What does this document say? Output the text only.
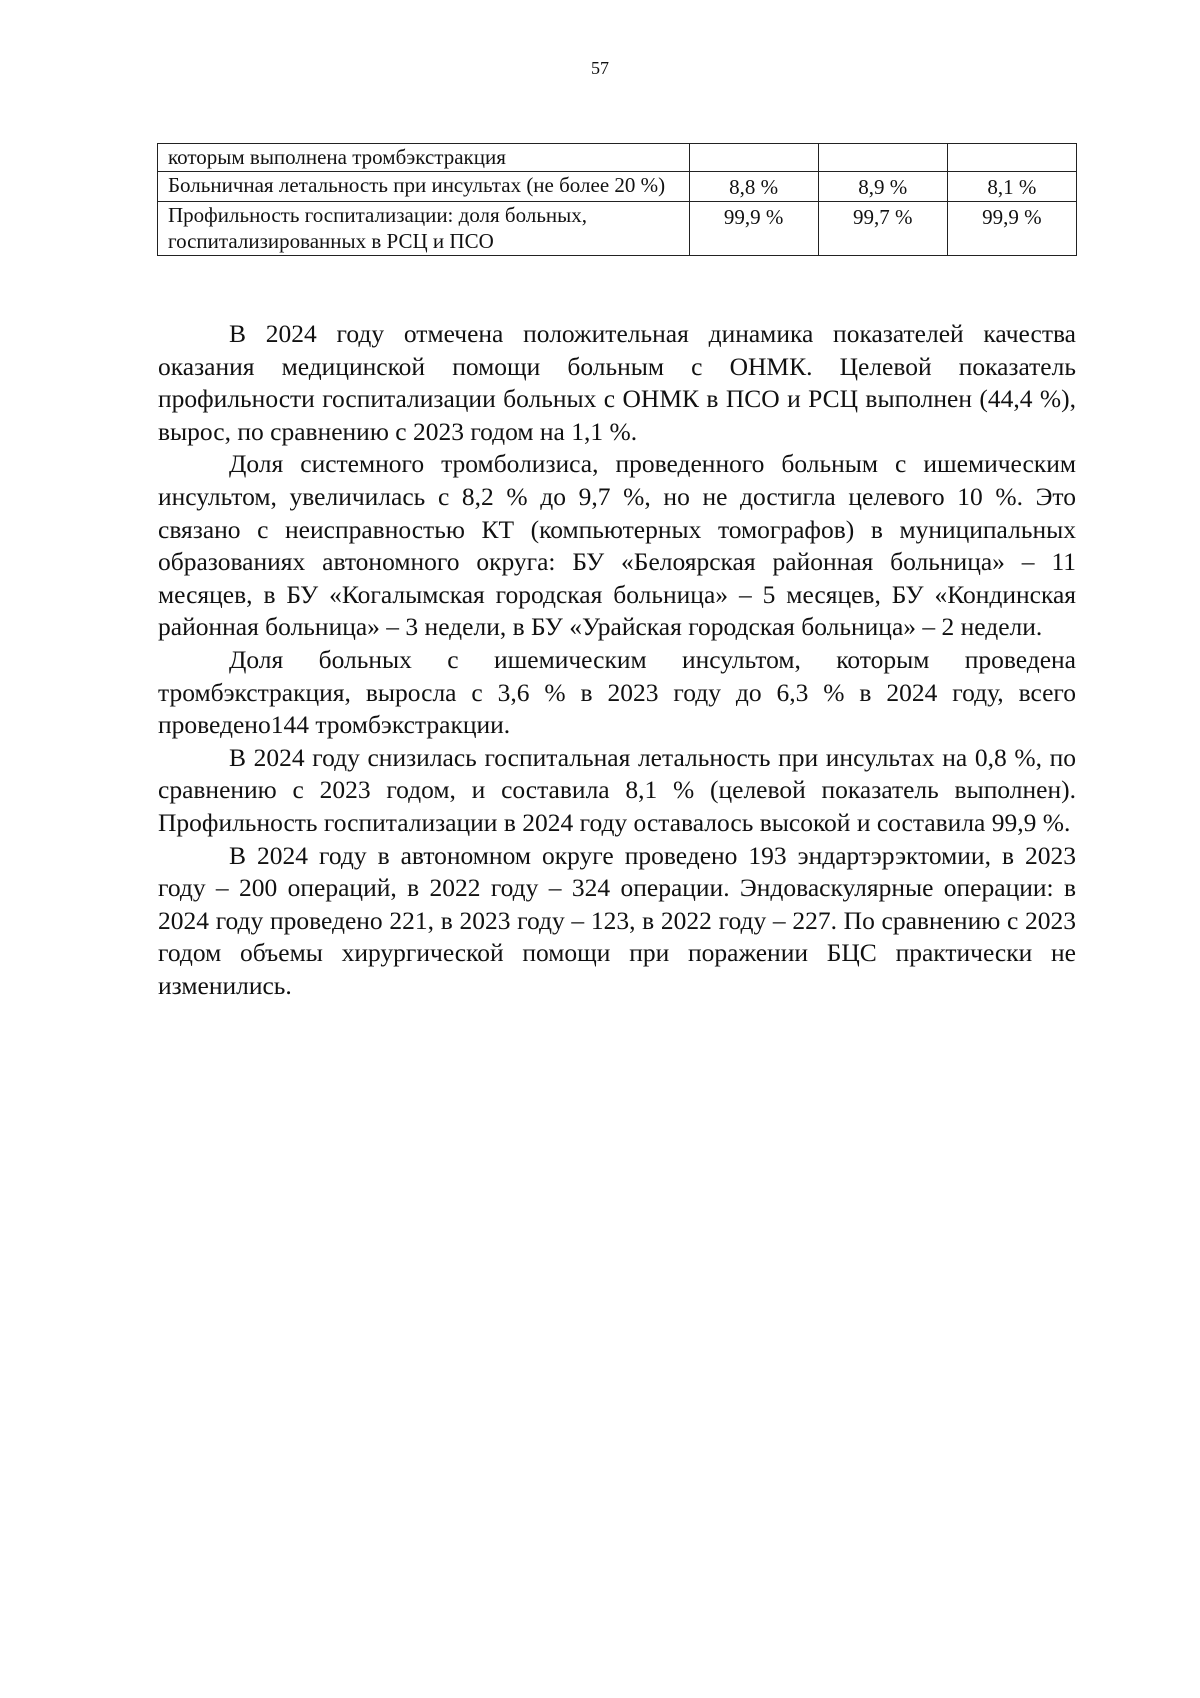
57
которым выполнена тромбэкстракция			
Больничная летальность при инсультах (не более 20 %)	8,8 %	8,9 %	8,1 %
Профильность госпитализации: доля больных, госпитализированных в РСЦ и ПСО	99,9 %	99,7 %	99,9 %

В 2024 году отмечена положительная динамика показателей качества оказания медицинской помощи больным с ОНМК. Целевой показатель профильности госпитализации больных с ОНМК в ПСО и РСЦ выполнен (44,4 %), вырос, по сравнению с 2023 годом на 1,1 %.

Доля системного тромболизиса, проведенного больным с ишемическим инсультом, увеличилась с 8,2 % до 9,7 %, но не достигла целевого 10 %. Это связано с неисправностью КТ (компьютерных томографов) в муниципальных образованиях автономного округа: БУ «Белоярская районная больница» – 11 месяцев, в БУ «Когалымская городская больница» – 5 месяцев, БУ «Кондинская районная больница» – 3 недели, в БУ «Урайская городская больница» – 2 недели.

Доля больных с ишемическим инсультом, которым проведена тромбэкстракция, выросла с 3,6 % в 2023 году до 6,3 % в 2024 году, всего проведено144 тромбэкстракции.

В 2024 году снизилась госпитальная летальность при инсультах на 0,8 %, по сравнению с 2023 годом, и составила 8,1 % (целевой показатель выполнен). Профильность госпитализации в 2024 году оставалось высокой и составила 99,9 %.

В 2024 году в автономном округе проведено 193 эндартэрэктомии, в 2023 году – 200 операций, в 2022 году – 324 операции. Эндоваскулярные операции: в 2024 году проведено 221, в 2023 году – 123, в 2022 году – 227. По сравнению с 2023 годом объемы хирургической помощи при поражении БЦС практически не изменились.
